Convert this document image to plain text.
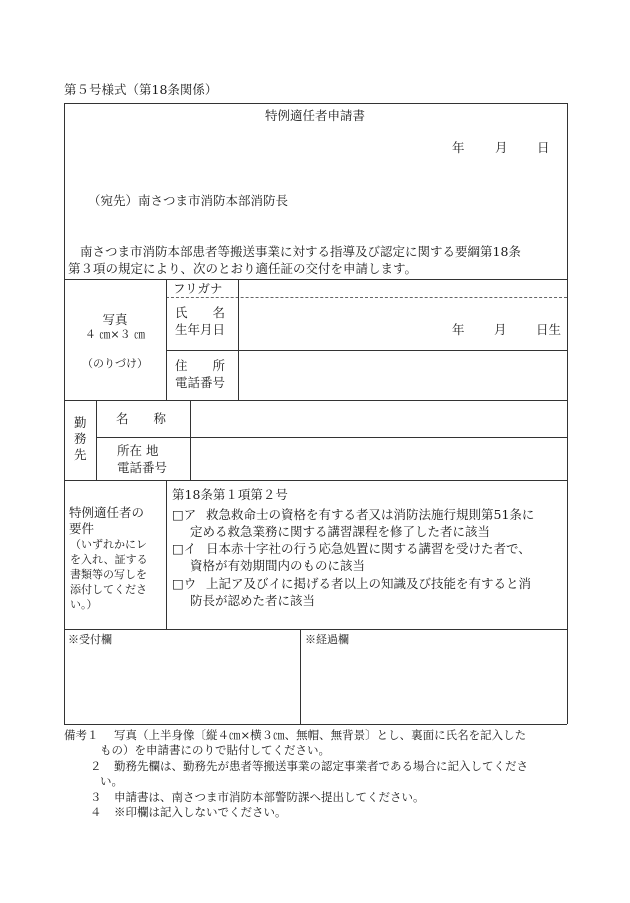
第５号様式（第18条関係）
特例適任者申請書
年 月 日
（宛先）南さつま市消防本部消防長
南さつま市消防本部患者等搬送事業に対する指導及び認定に関する要綱第18条
第３項の規定により、次のとおり適任証の交付を申請します。
写真
４ ㎝×３ ㎝
（のりづけ）
フリガナ
氏　　名
生年月日	年 月 日生
住　　所
電話番号
勤
務
先
名　　称
所在 地
電話番号
特例適任者の
要件
（いずれかにレ
を入れ、証する
書類等の写しを
添付してくださ
い。）
第18条第１項第２号
□ア 救急救命士の資格を有する者又は消防法施行規則第51条に
定める救急業務に関する講習課程を修了した者に該当
□イ 日本赤十字社の行う応急処置に関する講習を受けた者で、
資格が有効期間内のものに該当
□ウ 上記ア及びイに掲げる者以上の知識及び技能を有すると消
防長が認めた者に該当
※受付欄	※経過欄
備考１ 写真（上半身像〔縦４㎝×横３㎝、無帽、無背景〕とし、裏面に氏名を記入した
もの）を申請書にのりで貼付してください。
２ 勤務先欄は、勤務先が患者等搬送事業の認定事業者である場合に記入してくださ
い。
３ 申請書は、南さつま市消防本部警防課へ提出してください。
４ ※印欄は記入しないでください。
